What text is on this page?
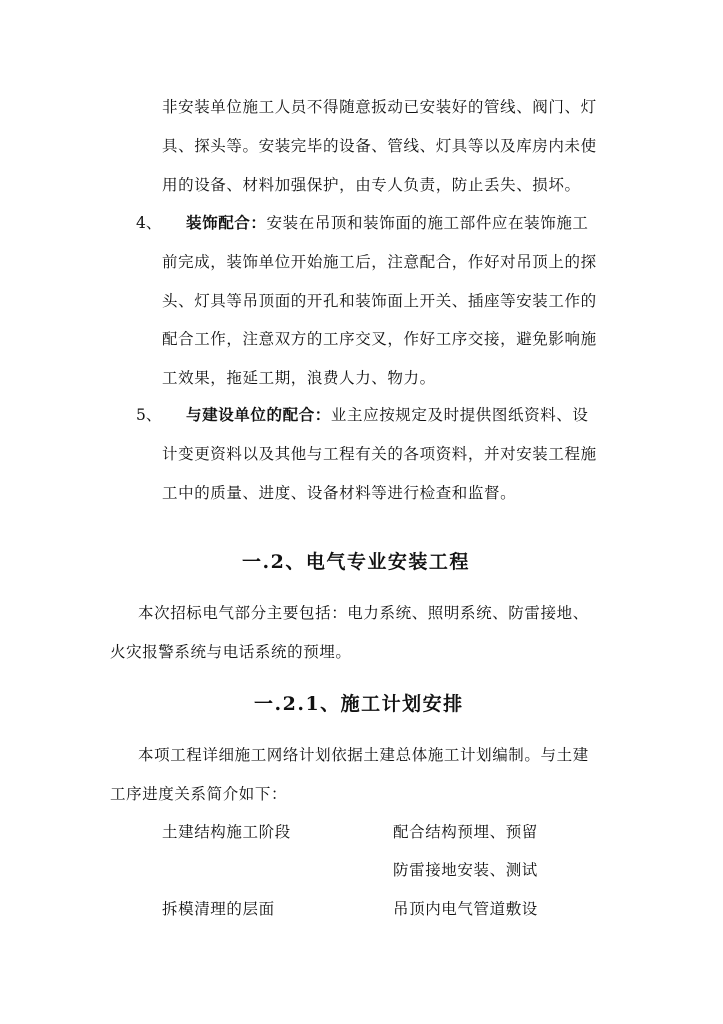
非安装单位施工人员不得随意扳动已安装好的管线、阀门、灯
具、探头等。安装完毕的设备、管线、灯具等以及库房内未使
用的设备、材料加强保护，由专人负责，防止丢失、损坏。
4、 装饰配合：安装在吊顶和装饰面的施工部件应在装饰施工
前完成，装饰单位开始施工后，注意配合，作好对吊顶上的探
头、灯具等吊顶面的开孔和装饰面上开关、插座等安装工作的
配合工作，注意双方的工序交叉，作好工序交接，避免影响施
工效果，拖延工期，浪费人力、物力。
5、 与建设单位的配合：业主应按规定及时提供图纸资料、设
计变更资料以及其他与工程有关的各项资料，并对安装工程施
工中的质量、进度、设备材料等进行检查和监督。
一.2、电气专业安装工程
本次招标电气部分主要包括：电力系统、照明系统、防雷接地、
火灾报警系统与电话系统的预埋。
一.2.1、施工计划安排
本项工程详细施工网络计划依据土建总体施工计划编制。与土建
工序进度关系简介如下：
土建结构施工阶段	配合结构预埋、预留
防雷接地安装、测试
拆模清理的层面	吊顶内电气管道敷设
